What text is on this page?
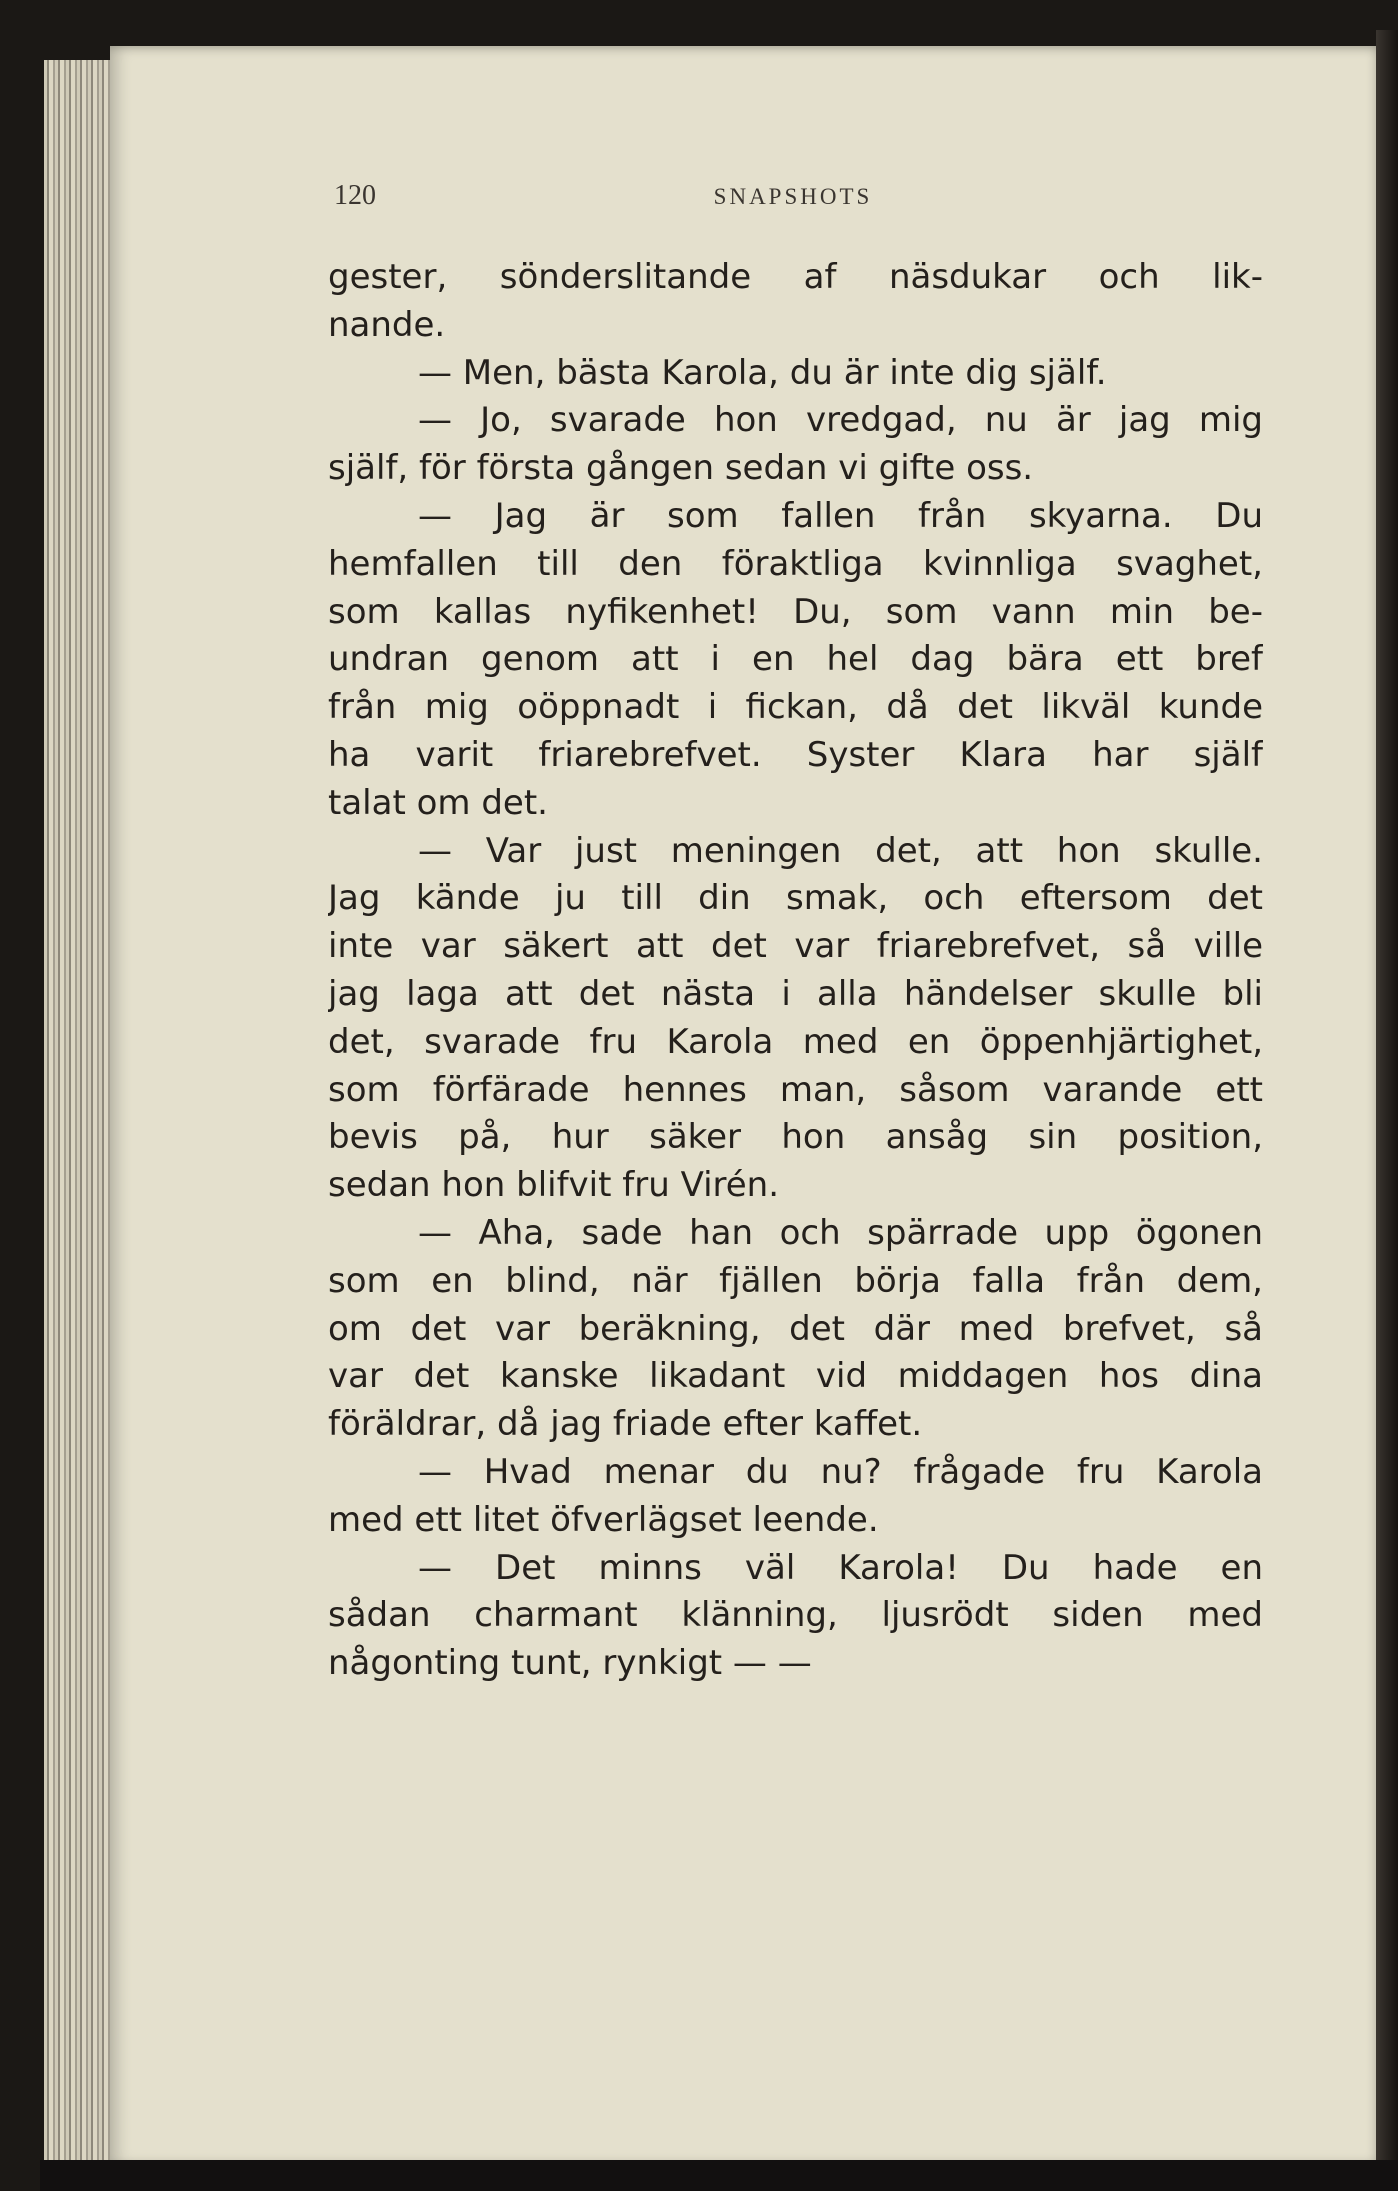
120	SNAPSHOTS
gester, sönderslitande af näsdukar och lik-
nande.
— Men, bästa Karola, du är inte dig själf.
— Jo, svarade hon vredgad, nu är jag mig
själf, för första gången sedan vi gifte oss.
— Jag är som fallen från skyarna. Du
hemfallen till den föraktliga kvinnliga svaghet,
som kallas nyfikenhet! Du, som vann min be-
undran genom att i en hel dag bära ett bref
från mig oöppnadt i fickan, då det likväl kunde
ha varit friarebrefvet. Syster Klara har själf
talat om det.
— Var just meningen det, att hon skulle.
Jag kände ju till din smak, och eftersom det
inte var säkert att det var friarebrefvet, så ville
jag laga att det nästa i alla händelser skulle bli
det, svarade fru Karola med en öppenhjärtighet,
som förfärade hennes man, såsom varande ett
bevis på, hur säker hon ansåg sin position,
sedan hon blifvit fru Virén.
— Aha, sade han och spärrade upp ögonen
som en blind, när fjällen börja falla från dem,
om det var beräkning, det där med brefvet, så
var det kanske likadant vid middagen hos dina
föräldrar, då jag friade efter kaffet.
— Hvad menar du nu? frågade fru Karola
med ett litet öfverlägset leende.
— Det minns väl Karola! Du hade en
sådan charmant klänning, ljusrödt siden med
någonting tunt, rynkigt — —
